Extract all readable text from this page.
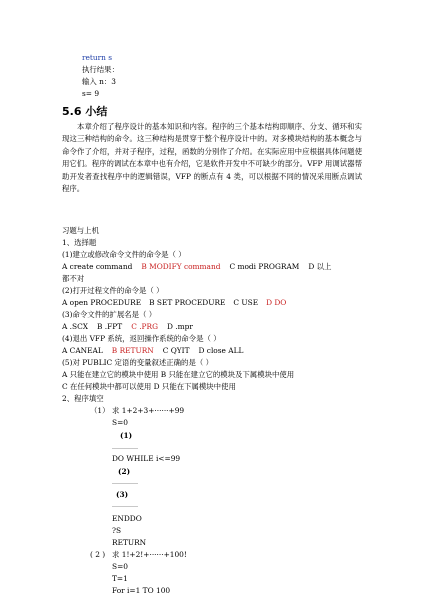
return s
执行结果：
输入 n：3
s= 9
5.6 小结
本章介绍了程序设计的基本知识和内容。程序的三个基本结构即顺序、分支、循环和实现这三种结构的命令。这三种结构是贯穿于整个程序设计中的。对多模块结构的基本概念与命令作了介绍，并对子程序，过程，函数的分别作了介绍。在实际应用中应根据具体问题使用它们。程序的调试在本章中也有介绍，它是软件开发中不可缺少的部分。VFP 用调试器帮助开发者查找程序中的逻辑错误，VFP 的断点有 4 类，可以根据不同的情况采用断点调试程序。
习题与上机
1、选择题
(1)建立或修改命令文件的命令是（ ）
A create command B MODIFY command C modi PROGRAM D 以上
都不对
(2)打开过程文件的命令是（ ）
A open PROCEDURE B SET PROCEDURE C USE D DO
(3)命令文件的扩展名是（ ）
A .SCX B .FPT C .PRG D .mpr
(4)退出 VFP 系统，返回操作系统的命令是（ ）
A CANEAL B RETURN C QYIT D close ALL
(5)对 PUBLIC 定语的变量叙述正确的是（ ）
A 只能在建立它的模块中使用 B 只能在建立它的模块及下属模块中使用
C 在任何模块中都可以使用 D 只能在下属模块中使用
2、程序填空
（1） 求 1+2+3+······+99
S=0
(1)
DO WHILE i<=99
(2)
(3)
ENDDO
?S
RETURN
( 2 ) 求 1!+2!+······+100!
S=0
T=1
For i=1 TO 100
